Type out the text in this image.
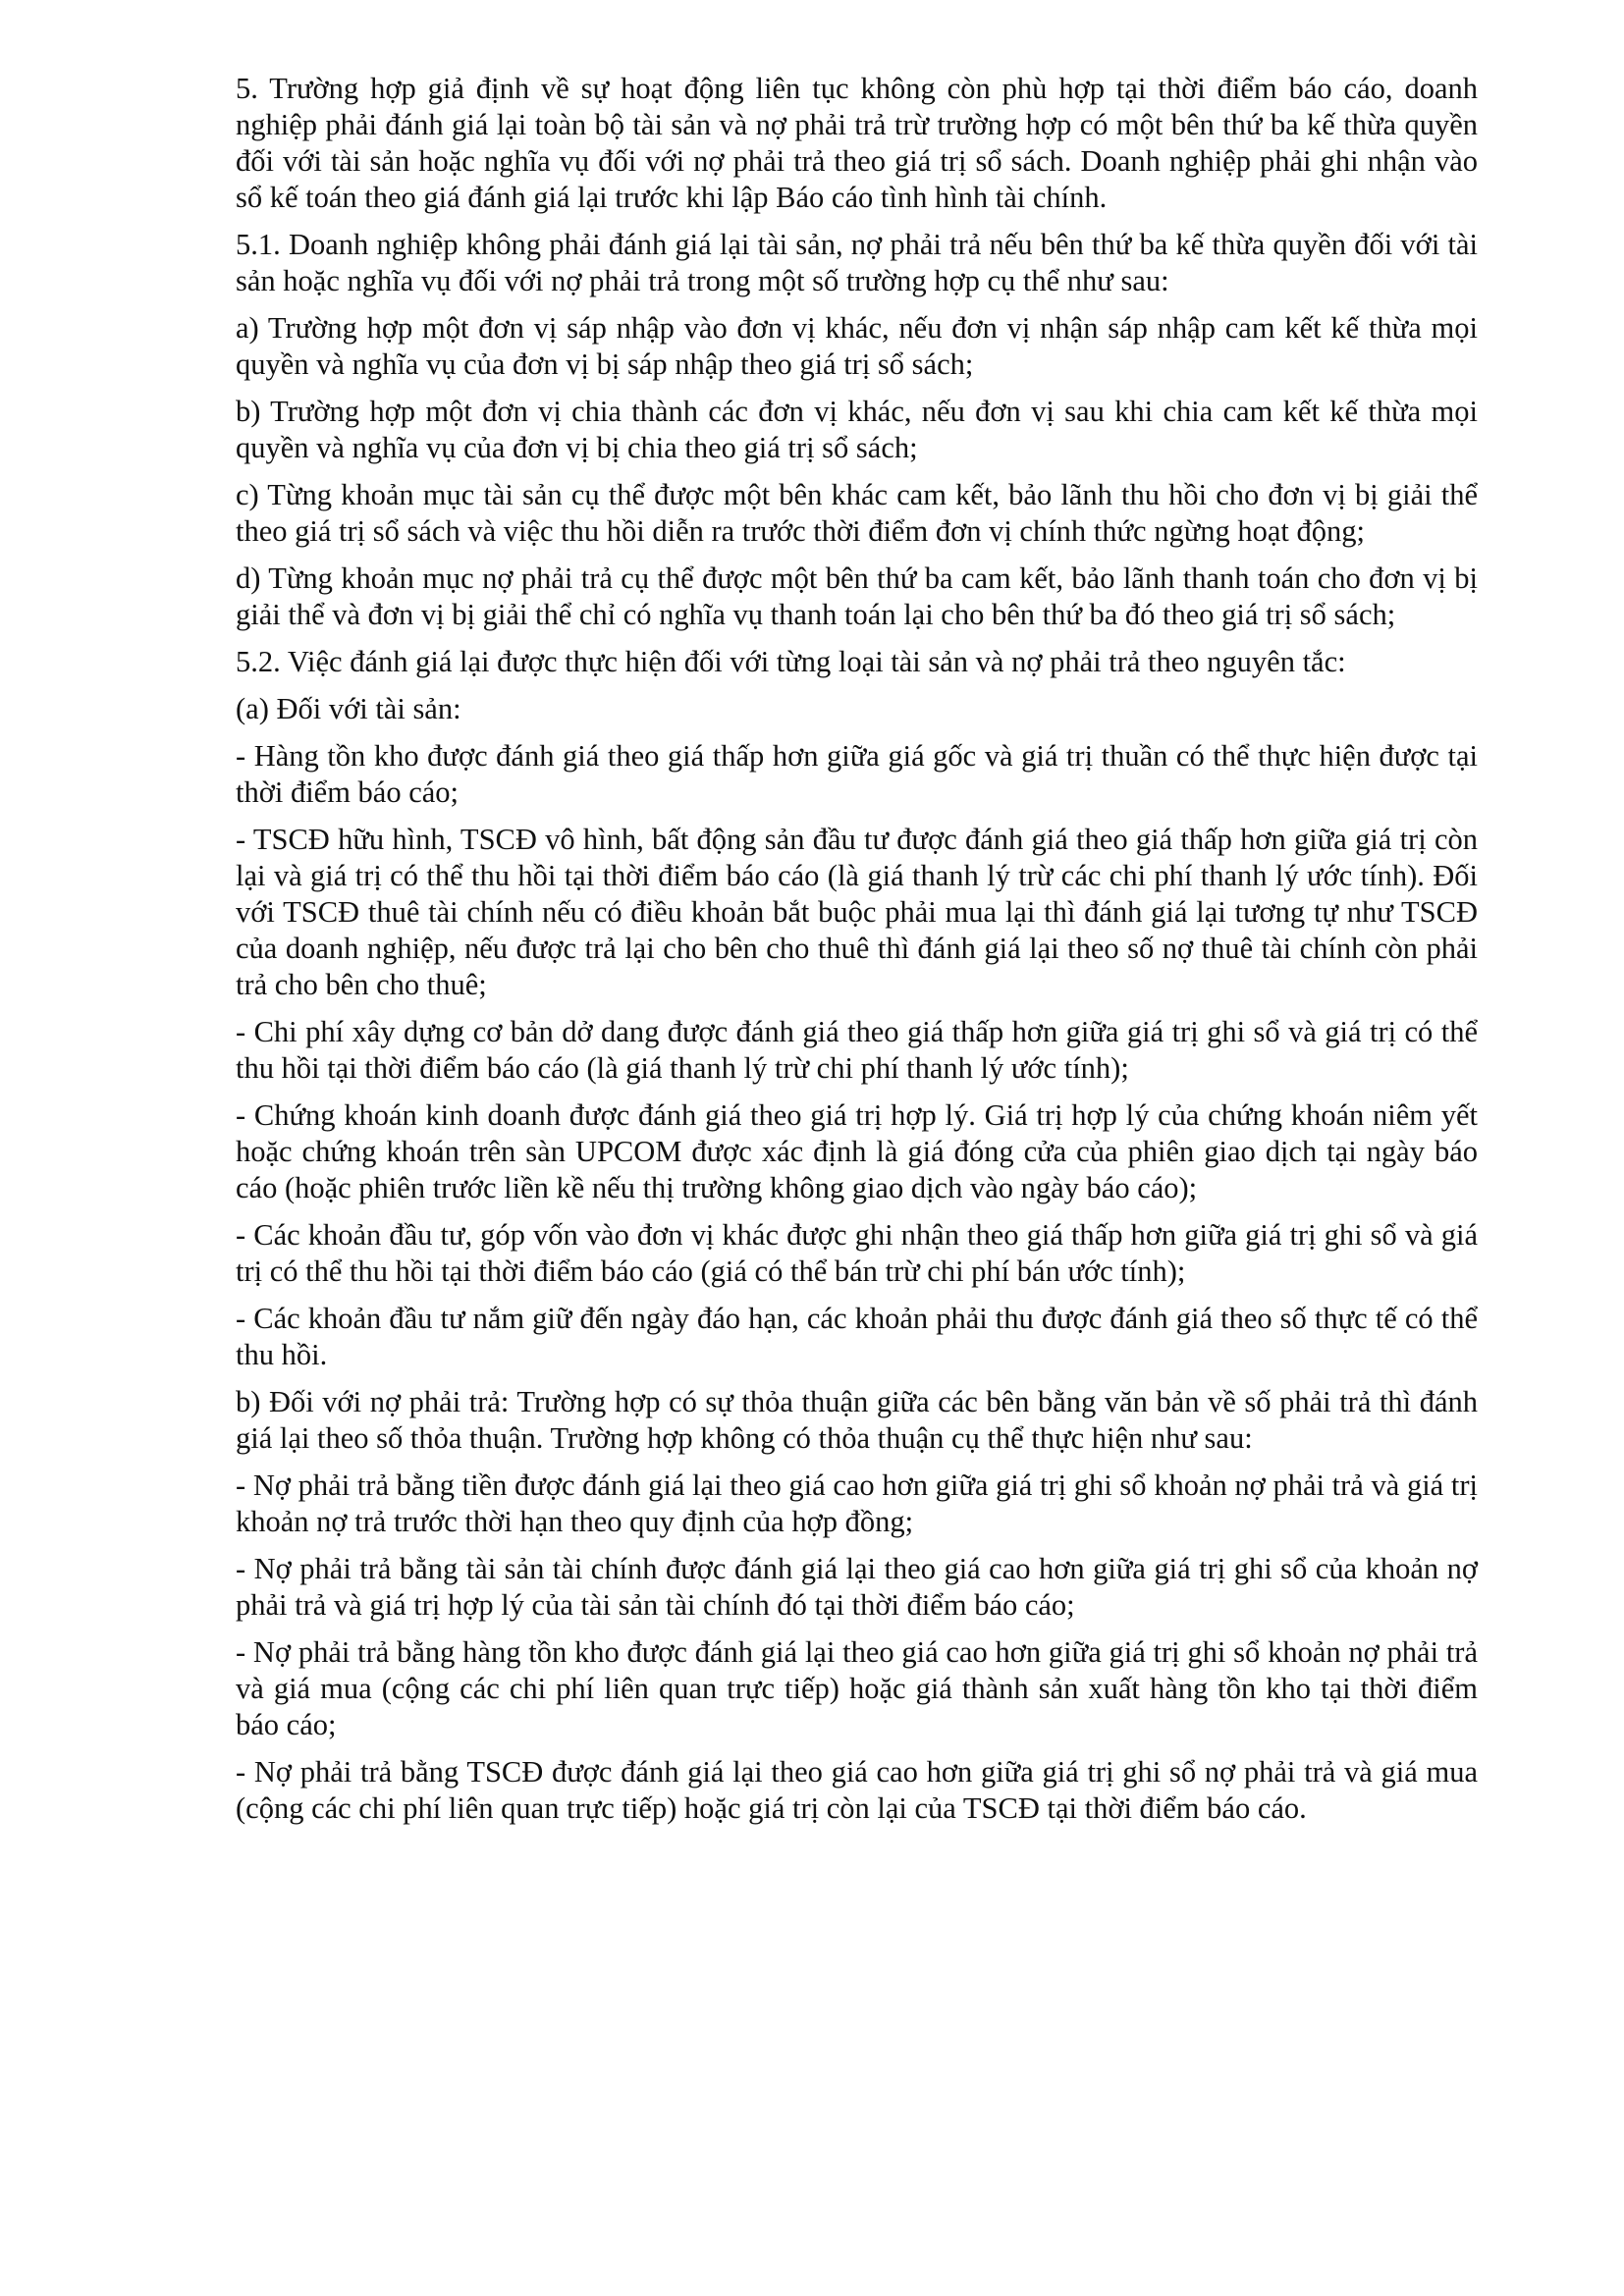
5. Trường hợp giả định về sự hoạt động liên tục không còn phù hợp tại thời điểm báo cáo, doanh nghiệp phải đánh giá lại toàn bộ tài sản và nợ phải trả trừ trường hợp có một bên thứ ba kế thừa quyền đối với tài sản hoặc nghĩa vụ đối với nợ phải trả theo giá trị sổ sách. Doanh nghiệp phải ghi nhận vào sổ kế toán theo giá đánh giá lại trước khi lập Báo cáo tình hình tài chính.

5.1. Doanh nghiệp không phải đánh giá lại tài sản, nợ phải trả nếu bên thứ ba kế thừa quyền đối với tài sản hoặc nghĩa vụ đối với nợ phải trả trong một số trường hợp cụ thể như sau:

a) Trường hợp một đơn vị sáp nhập vào đơn vị khác, nếu đơn vị nhận sáp nhập cam kết kế thừa mọi quyền và nghĩa vụ của đơn vị bị sáp nhập theo giá trị sổ sách;

b) Trường hợp một đơn vị chia thành các đơn vị khác, nếu đơn vị sau khi chia cam kết kế thừa mọi quyền và nghĩa vụ của đơn vị bị chia theo giá trị sổ sách;

c) Từng khoản mục tài sản cụ thể được một bên khác cam kết, bảo lãnh thu hồi cho đơn vị bị giải thể theo giá trị sổ sách và việc thu hồi diễn ra trước thời điểm đơn vị chính thức ngừng hoạt động;

d) Từng khoản mục nợ phải trả cụ thể được một bên thứ ba cam kết, bảo lãnh thanh toán cho đơn vị bị giải thể và đơn vị bị giải thể chỉ có nghĩa vụ thanh toán lại cho bên thứ ba đó theo giá trị sổ sách;

5.2. Việc đánh giá lại được thực hiện đối với từng loại tài sản và nợ phải trả theo nguyên tắc:

(a) Đối với tài sản:

- Hàng tồn kho được đánh giá theo giá thấp hơn giữa giá gốc và giá trị thuần có thể thực hiện được tại thời điểm báo cáo;

- TSCĐ hữu hình, TSCĐ vô hình, bất động sản đầu tư được đánh giá theo giá thấp hơn giữa giá trị còn lại và giá trị có thể thu hồi tại thời điểm báo cáo (là giá thanh lý trừ các chi phí thanh lý ước tính). Đối với TSCĐ thuê tài chính nếu có điều khoản bắt buộc phải mua lại thì đánh giá lại tương tự như TSCĐ của doanh nghiệp, nếu được trả lại cho bên cho thuê thì đánh giá lại theo số nợ thuê tài chính còn phải trả cho bên cho thuê;

- Chi phí xây dựng cơ bản dở dang được đánh giá theo giá thấp hơn giữa giá trị ghi sổ và giá trị có thể thu hồi tại thời điểm báo cáo (là giá thanh lý trừ chi phí thanh lý ước tính);

- Chứng khoán kinh doanh được đánh giá theo giá trị hợp lý. Giá trị hợp lý của chứng khoán niêm yết hoặc chứng khoán trên sàn UPCOM được xác định là giá đóng cửa của phiên giao dịch tại ngày báo cáo (hoặc phiên trước liền kề nếu thị trường không giao dịch vào ngày báo cáo);

- Các khoản đầu tư, góp vốn vào đơn vị khác được ghi nhận theo giá thấp hơn giữa giá trị ghi sổ và giá trị có thể thu hồi tại thời điểm báo cáo (giá có thể bán trừ chi phí bán ước tính);

- Các khoản đầu tư nắm giữ đến ngày đáo hạn, các khoản phải thu được đánh giá theo số thực tế có thể thu hồi.

b) Đối với nợ phải trả: Trường hợp có sự thỏa thuận giữa các bên bằng văn bản về số phải trả thì đánh giá lại theo số thỏa thuận. Trường hợp không có thỏa thuận cụ thể thực hiện như sau:

- Nợ phải trả bằng tiền được đánh giá lại theo giá cao hơn giữa giá trị ghi sổ khoản nợ phải trả và giá trị khoản nợ trả trước thời hạn theo quy định của hợp đồng;

- Nợ phải trả bằng tài sản tài chính được đánh giá lại theo giá cao hơn giữa giá trị ghi sổ của khoản nợ phải trả và giá trị hợp lý của tài sản tài chính đó tại thời điểm báo cáo;

- Nợ phải trả bằng hàng tồn kho được đánh giá lại theo giá cao hơn giữa giá trị ghi sổ khoản nợ phải trả và giá mua (cộng các chi phí liên quan trực tiếp) hoặc giá thành sản xuất hàng tồn kho tại thời điểm báo cáo;

- Nợ phải trả bằng TSCĐ được đánh giá lại theo giá cao hơn giữa giá trị ghi sổ nợ phải trả và giá mua (cộng các chi phí liên quan trực tiếp) hoặc giá trị còn lại của TSCĐ tại thời điểm báo cáo.
